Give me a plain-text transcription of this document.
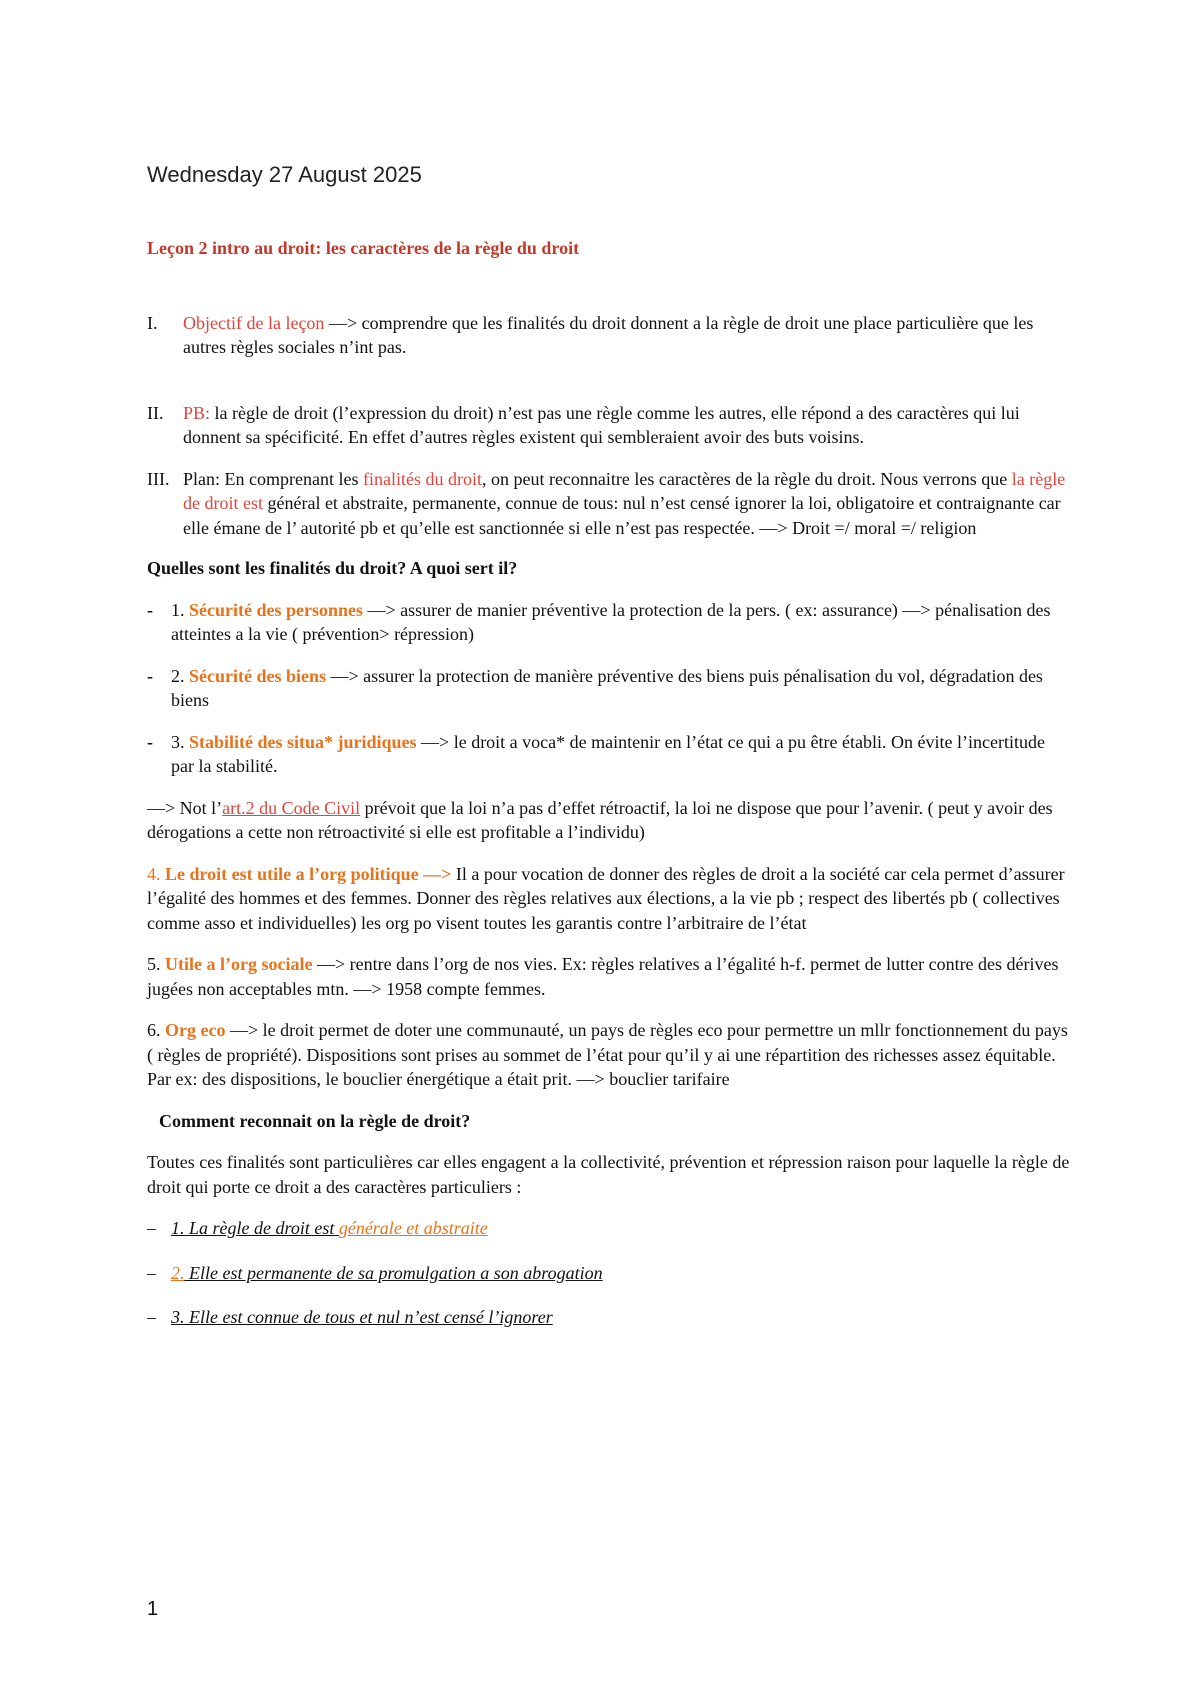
Wednesday 27 August 2025

Leçon 2 intro au droit: les caractères de la règle du droit

I. Objectif de la leçon —> comprendre que les finalités du droit donnent a la règle de droit une place particulière que les autres règles sociales n’int pas.
II. PB: la règle de droit (l’expression du droit) n’est pas une règle comme les autres, elle répond a des caractères qui lui donnent sa spécificité. En effet d’autres règles existent qui sembleraient avoir des buts voisins.
III. Plan: En comprenant les finalités du droit, on peut reconnaitre les caractères de la règle du droit. Nous verrons que la règle de droit est général et abstraite, permanente, connue de tous: nul n’est censé ignorer la loi, obligatoire et contraignante car elle émane de l’ autorité pb et qu’elle est sanctionnée si elle n’est pas respectée. —> Droit =/ moral =/ religion

Quelles sont les finalités du droit? A quoi sert il?

- 1. Sécurité des personnes —> assurer de manier préventive la protection de la pers. ( ex: assurance) —> pénalisation des atteintes a la vie ( prévention> répression)
- 2. Sécurité des biens —> assurer la protection de manière préventive des biens puis pénalisation du vol, dégradation des biens
- 3. Stabilité des situa* juridiques —> le droit a voca* de maintenir en l’état ce qui a pu être établi. On évite l’incertitude par la stabilité.

—> Not l’art.2 du Code Civil prévoit que la loi n’a pas d’effet rétroactif, la loi ne dispose que pour l’avenir. ( peut y avoir des dérogations a cette non rétroactivité si elle est profitable a l’individu)

4. Le droit est utile a l’org politique —> Il a pour vocation de donner des règles de droit a la société car cela permet d’assurer l’égalité des hommes et des femmes. Donner des règles relatives aux élections, a la vie pb ; respect des libertés pb ( collectives comme asso et individuelles) les org po visent toutes les garantis contre l’arbitraire de l’état

5. Utile a l’org sociale —> rentre dans l’org de nos vies. Ex: règles relatives a l’égalité h-f. permet de lutter contre des dérives jugées non acceptables mtn. —> 1958 compte femmes.

6. Org eco —> le droit permet de doter une communauté, un pays de règles eco pour permettre un mllr fonctionnement du pays ( règles de propriété). Dispositions sont prises au sommet de l’état pour qu’il y ai une répartition des richesses assez équitable. Par ex: des dispositions, le bouclier énergétique a était prit. —> bouclier tarifaire

Comment reconnait on la règle de droit?

Toutes ces finalités sont particulières car elles engagent a la collectivité, prévention et répression raison pour laquelle la règle de droit qui porte ce droit a des caractères particuliers :

– 1. La règle de droit est générale et abstraite
– 2. Elle est permanente de sa promulgation a son abrogation
– 3. Elle est connue de tous et nul n’est censé l’ignorer
1
